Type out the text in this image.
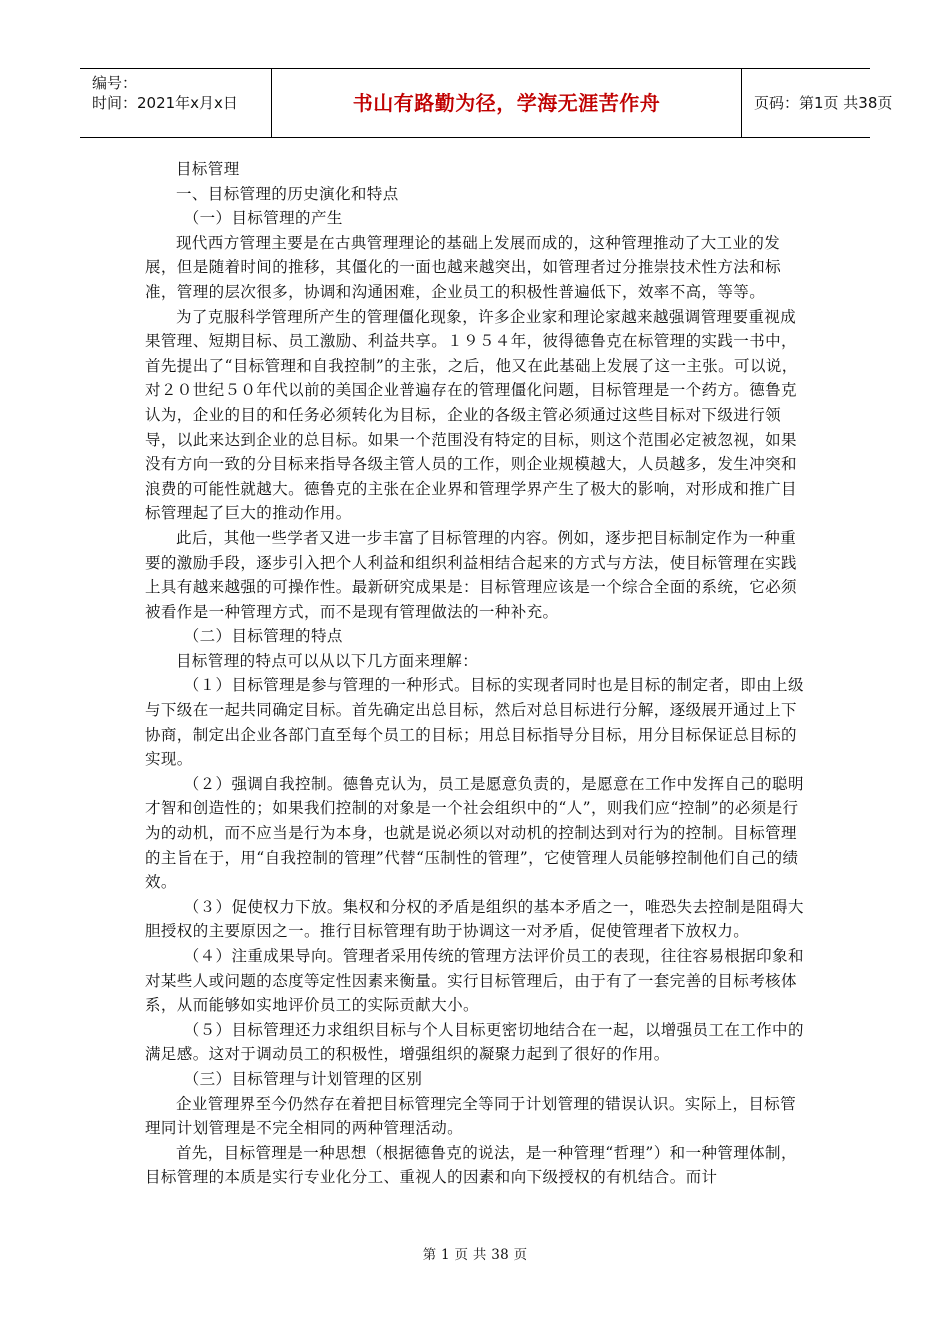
编号：
时间：2021年x月x日	书山有路勤为径，学海无涯苦作舟	页码：第1页 共38页

目标管理

一、目标管理的历史演化和特点

（一）目标管理的产生

现代西方管理主要是在古典管理理论的基础上发展而成的，这种管理推动了大工业的发展，但是随着时间的推移，其僵化的一面也越来越突出，如管理者过分推崇技术性方法和标准，管理的层次很多，协调和沟通困难，企业员工的积极性普遍低下，效率不高，等等。

为了克服科学管理所产生的管理僵化现象，许多企业家和理论家越来越强调管理要重视成果管理、短期目标、员工激励、利益共享。１９５４年，彼得德鲁克在标管理的实践一书中，首先提出了“目标管理和自我控制”的主张，之后，他又在此基础上发展了这一主张。可以说，对２０世纪５０年代以前的美国企业普遍存在的管理僵化问题，目标管理是一个药方。德鲁克认为，企业的目的和任务必须转化为目标，企业的各级主管必须通过这些目标对下级进行领导，以此来达到企业的总目标。如果一个范围没有特定的目标，则这个范围必定被忽视，如果没有方向一致的分目标来指导各级主管人员的工作，则企业规模越大，人员越多，发生冲突和浪费的可能性就越大。德鲁克的主张在企业界和管理学界产生了极大的影响，对形成和推广目标管理起了巨大的推动作用。

此后，其他一些学者又进一步丰富了目标管理的内容。例如，逐步把目标制定作为一种重要的激励手段，逐步引入把个人利益和组织利益相结合起来的方式与方法，使目标管理在实践上具有越来越强的可操作性。最新研究成果是：目标管理应该是一个综合全面的系统，它必须被看作是一种管理方式，而不是现有管理做法的一种补充。

（二）目标管理的特点

目标管理的特点可以从以下几方面来理解：

（１）目标管理是参与管理的一种形式。目标的实现者同时也是目标的制定者，即由上级与下级在一起共同确定目标。首先确定出总目标，然后对总目标进行分解，逐级展开通过上下协商，制定出企业各部门直至每个员工的目标；用总目标指导分目标，用分目标保证总目标的实现。

（２）强调自我控制。德鲁克认为，员工是愿意负责的，是愿意在工作中发挥自己的聪明才智和创造性的；如果我们控制的对象是一个社会组织中的“人”，则我们应“控制”的必须是行为的动机，而不应当是行为本身，也就是说必须以对动机的控制达到对行为的控制。目标管理的主旨在于，用“自我控制的管理”代替“压制性的管理”，它使管理人员能够控制他们自己的绩效。

（３）促使权力下放。集权和分权的矛盾是组织的基本矛盾之一，唯恐失去控制是阻碍大胆授权的主要原因之一。推行目标管理有助于协调这一对矛盾，促使管理者下放权力。

（４）注重成果导向。管理者采用传统的管理方法评价员工的表现，往往容易根据印象和对某些人或问题的态度等定性因素来衡量。实行目标管理后，由于有了一套完善的目标考核体系，从而能够如实地评价员工的实际贡献大小。

（５）目标管理还力求组织目标与个人目标更密切地结合在一起，以增强员工在工作中的满足感。这对于调动员工的积极性，增强组织的凝聚力起到了很好的作用。

（三）目标管理与计划管理的区别

企业管理界至今仍然存在着把目标管理完全等同于计划管理的错误认识。实际上，目标管理同计划管理是不完全相同的两种管理活动。

首先，目标管理是一种思想（根据德鲁克的说法，是一种管理“哲理”）和一种管理体制，目标管理的本质是实行专业化分工、重视人的因素和向下级授权的有机结合。而计

第 1 页 共 38 页
